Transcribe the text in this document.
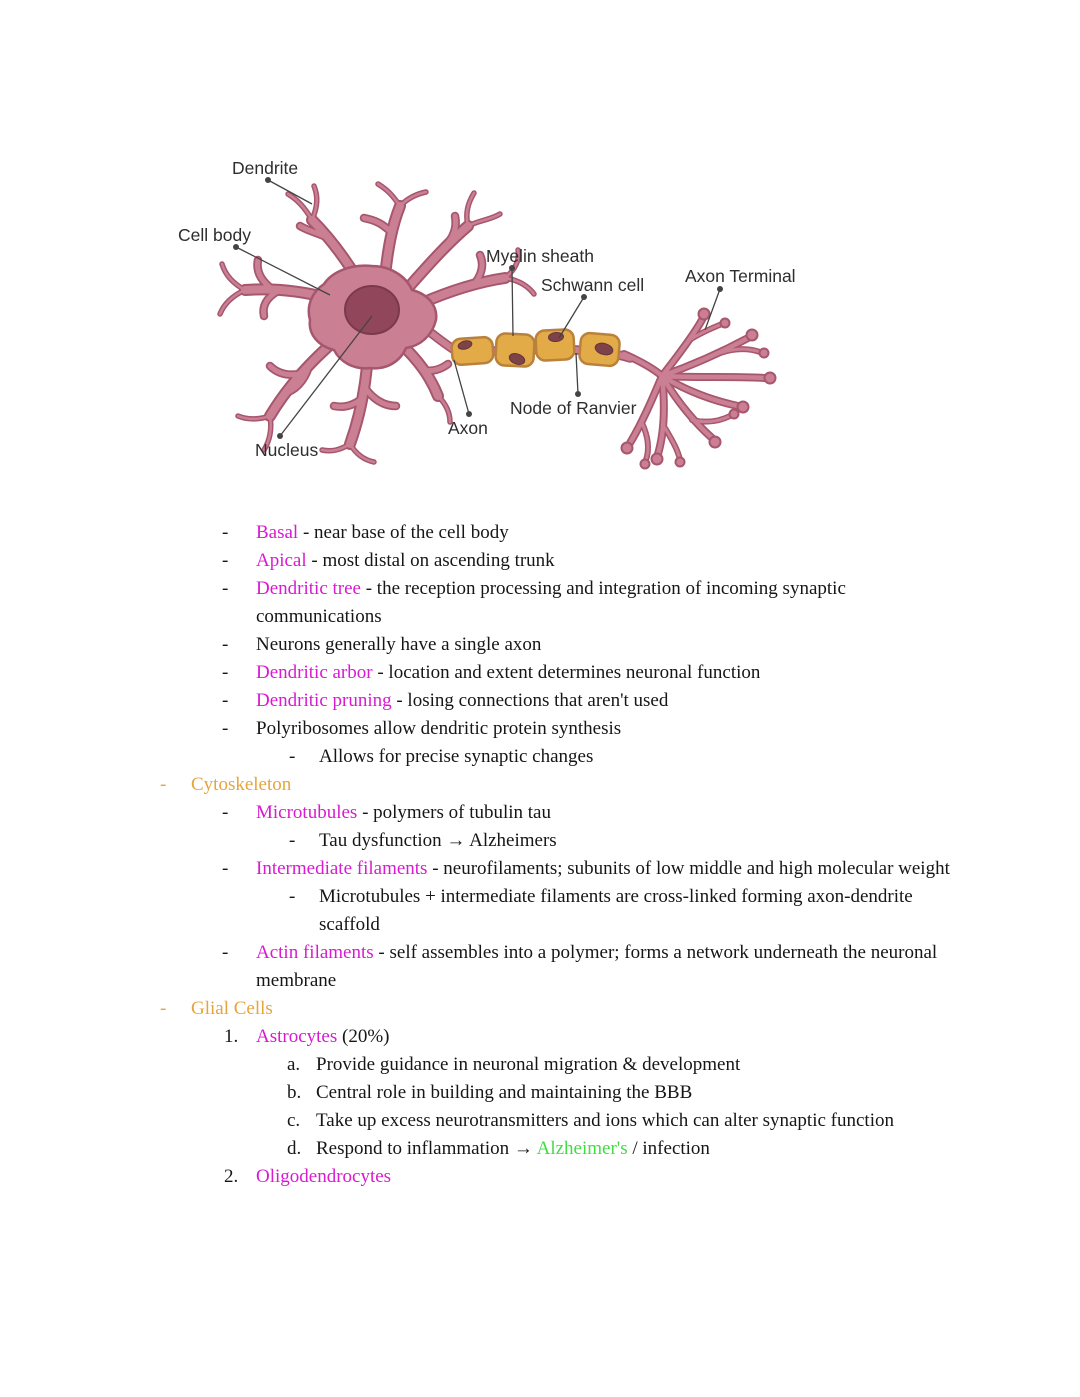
Dendrite
Cell body
Myelin sheath
Schwann cell Axon Terminal
Node of Ranvier
Axon
Nucleus
-	Basal - near base of the cell body
-	Apical - most distal on ascending trunk
-	Dendritic tree - the reception processing and integration of incoming synaptic communications
-	Neurons generally have a single axon
-	Dendritic arbor - location and extent determines neuronal function
-	Dendritic pruning - losing connections that aren't used
-	Polyribosomes allow dendritic protein synthesis
-	Allows for precise synaptic changes
-	Cytoskeleton
-	Microtubules - polymers of tubulin tau
-	Tau dysfunction → Alzheimers
-	Intermediate filaments - neurofilaments; subunits of low middle and high molecular weight
-	Microtubules + intermediate filaments are cross-linked forming axon-dendrite scaffold
-	Actin filaments - self assembles into a polymer; forms a network underneath the neuronal membrane
-	Glial Cells
1. Astrocytes (20%)
a. Provide guidance in neuronal migration & development
b. Central role in building and maintaining the BBB
c. Take up excess neurotransmitters and ions which can alter synaptic function
d. Respond to inflammation → Alzheimer's / infection
2. Oligodendrocytes
